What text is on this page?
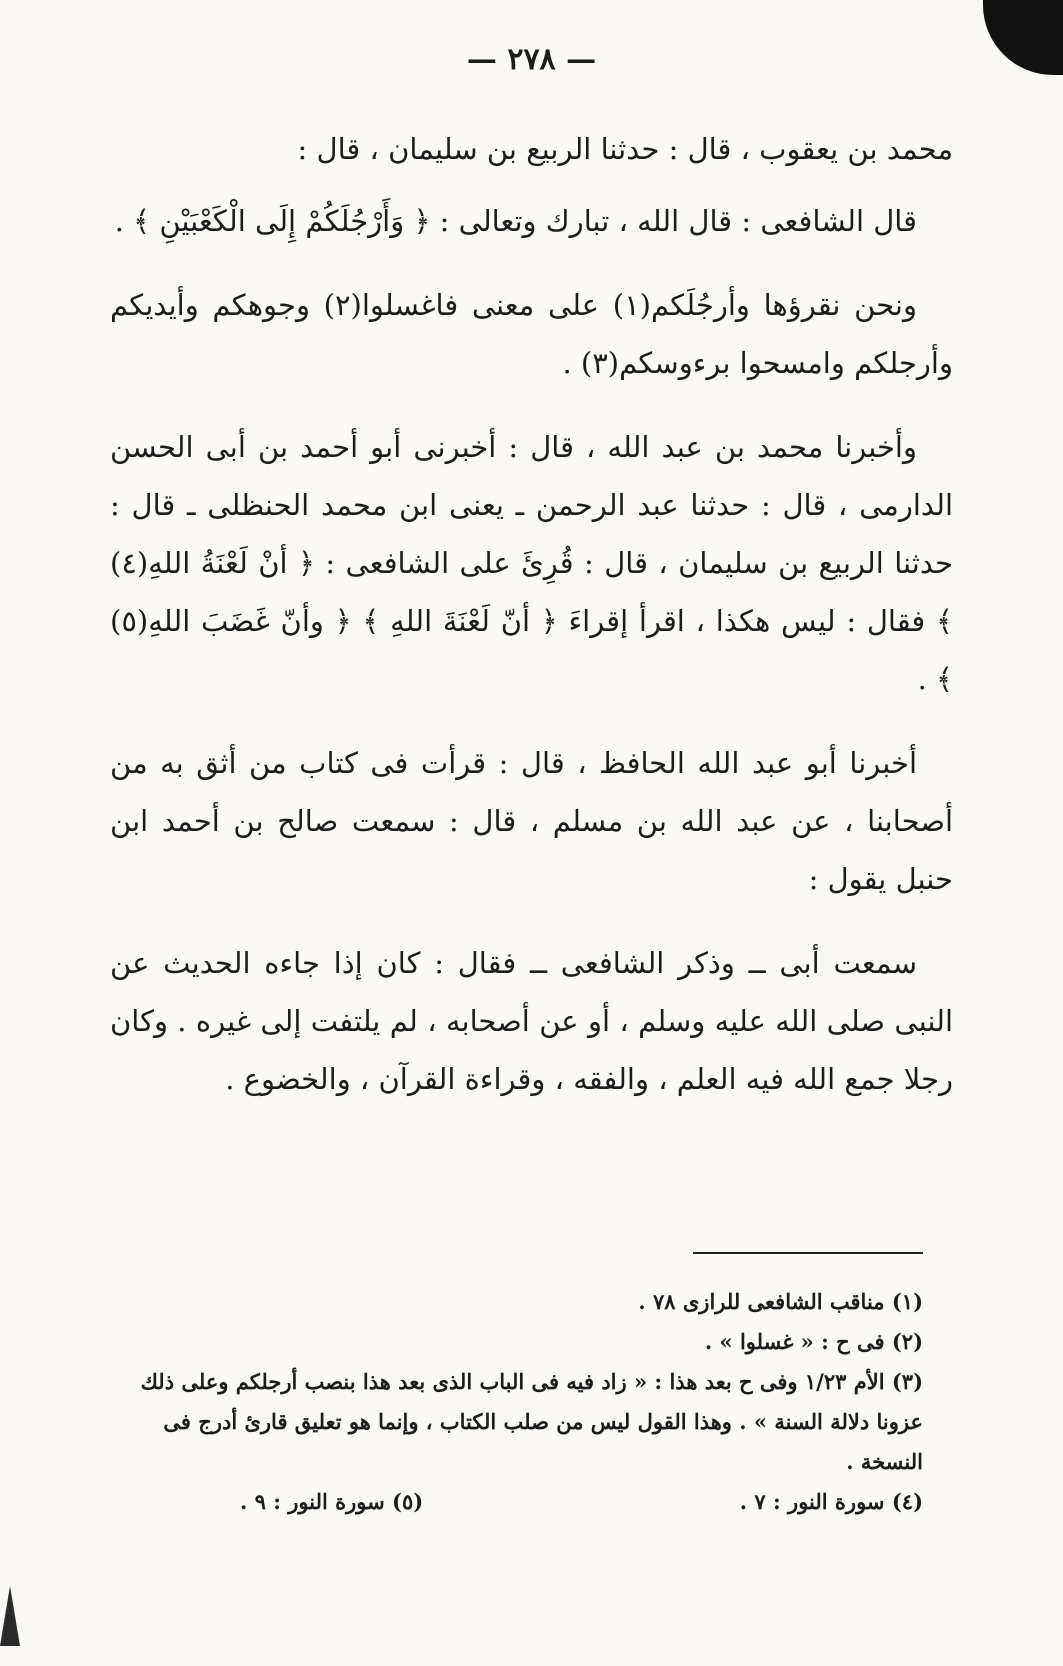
— ٢٧٨ —

محمد بن يعقوب ، قال : حدثنا الربيع بن سليمان ، قال :

قال الشافعى : قال الله ، تبارك وتعالى : ﴿ وَأَرْجُلَكُمْ إِلَى الْكَعْبَيْنِ ﴾ .

ونحن نقرؤها وأرجُلَكم(١) على معنى فاغسلوا(٢) وجوهكم وأيديكم وأرجلكم وامسحوا برءوسكم(٣) .

وأخبرنا محمد بن عبد الله ، قال : أخبرنى أبو أحمد بن أبى الحسن الدارمى ، قال : حدثنا عبد الرحمن ـ يعنى ابن محمد الحنظلى ـ قال : حدثنا الربيع بن سليمان ، قال : قُرِئَ على الشافعى : ﴿ أنْ لَعْنَةُ اللهِ(٤) ﴾ فقال : ليس هكذا ، اقرأ إقراءَ ﴿ أنّ لَعْنَةَ اللهِ ﴾ ﴿ وأنّ غَضَبَ اللهِ(٥) ﴾ .

أخبرنا أبو عبد الله الحافظ ، قال : قرأت فى كتاب من أثق به من أصحابنا ، عن عبد الله بن مسلم ، قال : سمعت صالح بن أحمد ابن حنبل يقول :

سمعت أبى ــ وذكر الشافعى ــ فقال : كان إذا جاءه الحديث عن النبى صلى الله عليه وسلم ، أو عن أصحابه ، لم يلتفت إلى غيره . وكان رجلا جمع الله فيه العلم ، والفقه ، وقراءة القرآن ، والخضوع .

(١) مناقب الشافعى للرازى ٧٨ .

(٢) فى ح : « غسلوا » .

(٣) الأم ١/٢٣ وفى ح بعد هذا : « زاد فيه فى الباب الذى بعد هذا بنصب أرجلكم وعلى ذلك عزونا دلالة السنة » . وهذا القول ليس من صلب الكتاب ، وإنما هو تعليق قارئ أدرج فى النسخة .

(٤) سورة النور : ٧ .
(٥) سورة النور : ٩ .
